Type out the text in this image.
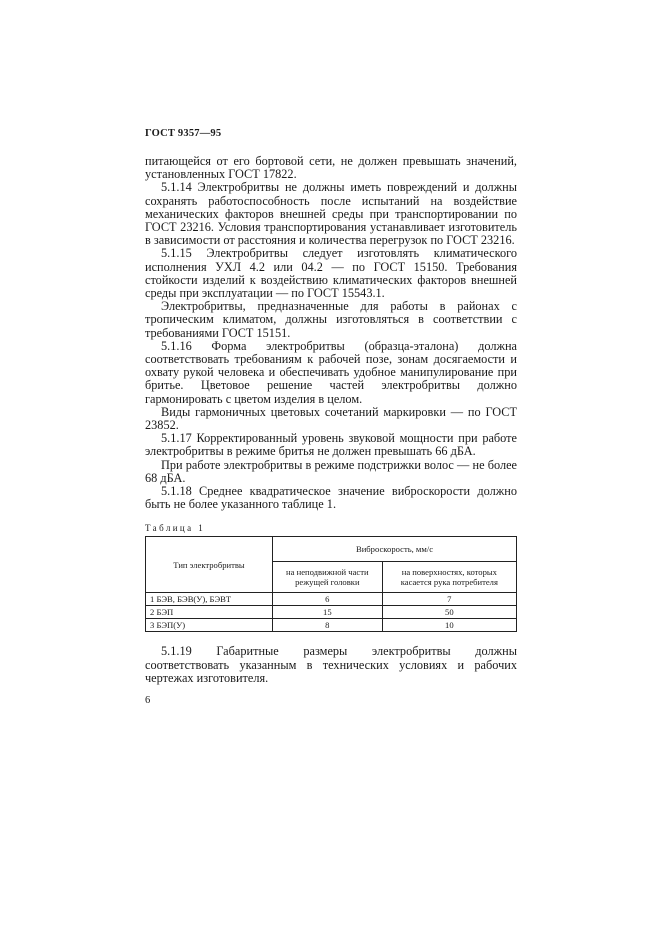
ГОСТ 9357—95

питающейся от его бортовой сети, не должен превышать значений, установленных ГОСТ 17822.

5.1.14 Электробритвы не должны иметь повреждений и должны сохранять работоспособность после испытаний на воздействие механических факторов внешней среды при транспортировании по ГОСТ 23216. Условия транспортирования устанавливает изготовитель в зависимости от расстояния и количества перегрузок по ГОСТ 23216.

5.1.15 Электробритвы следует изготовлять климатического исполнения УХЛ 4.2 или 04.2 — по ГОСТ 15150. Требования стойкости изделий к воздействию климатических факторов внешней среды при эксплуатации — по ГОСТ 15543.1.

Электробритвы, предназначенные для работы в районах с тропическим климатом, должны изготовляться в соответствии с требованиями ГОСТ 15151.

5.1.16 Форма электробритвы (образца-эталона) должна соответствовать требованиям к рабочей позе, зонам досягаемости и охвату рукой человека и обеспечивать удобное манипулирование при бритье. Цветовое решение частей электробритвы должно гармонировать с цветом изделия в целом.

Виды гармоничных цветовых сочетаний маркировки — по ГОСТ 23852.

5.1.17 Корректированный уровень звуковой мощности при работе электробритвы в режиме бритья не должен превышать 66 дБА.

При работе электробритвы в режиме подстрижки волос — не более 68 дБА.

5.1.18 Среднее квадратическое значение виброскорости должно быть не более указанного таблице 1.

Таблица 1
Тип электробритвы	Виброскорость, мм/с	
	на неподвижной части режущей головки	на поверхностях, которых касается рука потребителя
1 БЭВ, БЭВ(У), БЭВТ	6	7
2 БЭП	15	50
3 БЭП(У)	8	10

5.1.19 Габаритные размеры электробритвы должны соответствовать указанным в технических условиях и рабочих чертежах изготовителя.

6
